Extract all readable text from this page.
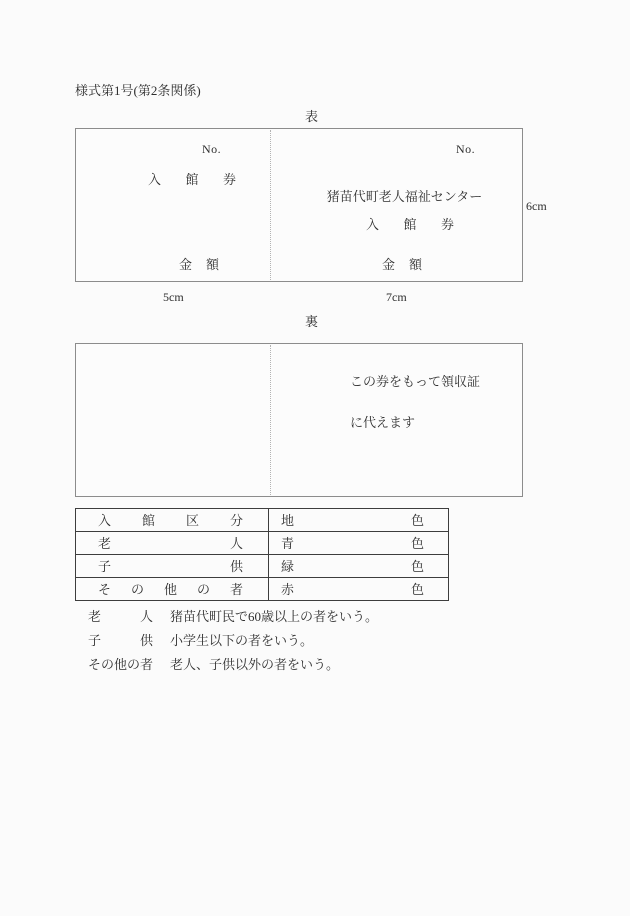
様式第1号(第2条関係)
表
No.
入 館 券
金 額
No.
猪苗代町老人福祉センター
入 館 券
金 額
6cm
5cm	7cm
裏
この券をもって領収証
に代えます
入 館 区 分	地 色

老 人	青 色

子 供	緑 色

そ の 他 の 者	赤 色
老 人 猪苗代町民で60歳以上の者をいう。
子 供 小学生以下の者をいう。
その他の者 老人、子供以外の者をいう。
